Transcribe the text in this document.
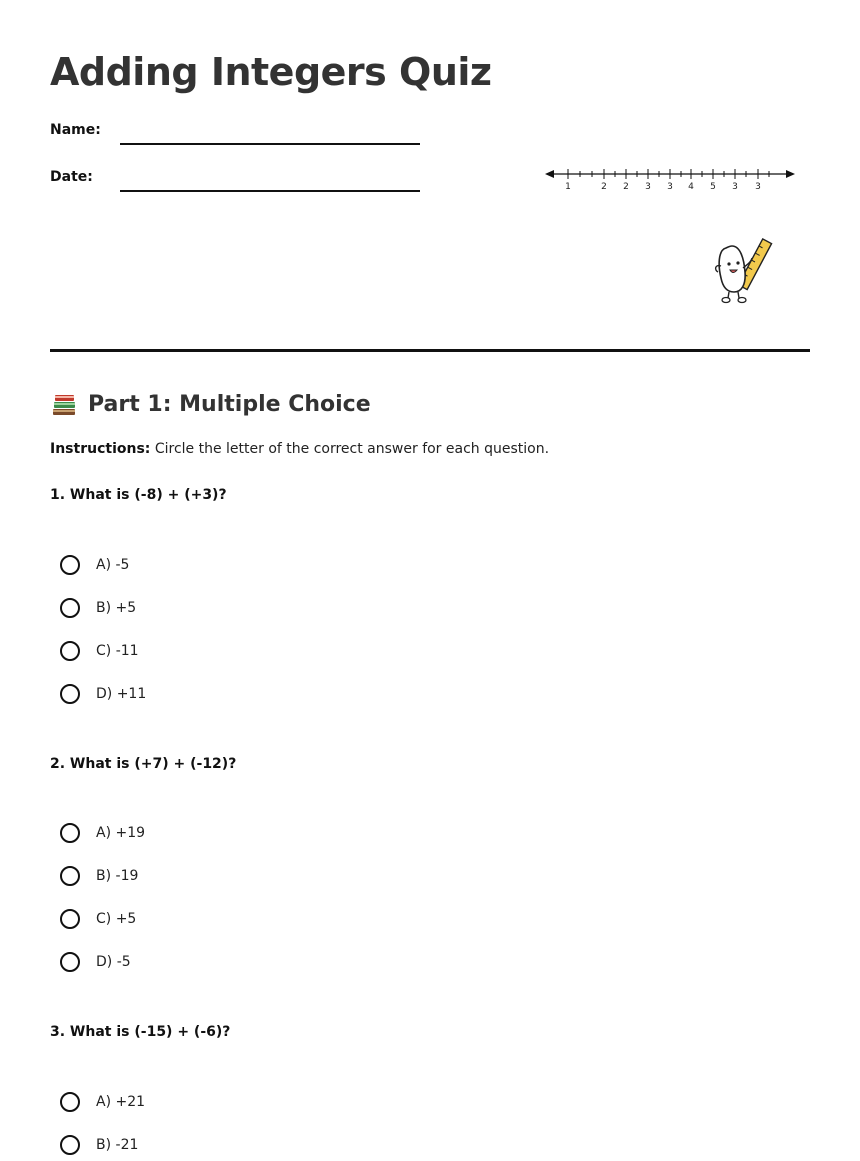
Adding Integers Quiz
Name:
Date:
1	2 2 3 3 4 5 3 3
Part 1: Multiple Choice
Instructions: Circle the letter of the correct answer for each question.
1. What is (-8) + (+3)?
A) -5
B) +5
C) -11
D) +11
2. What is (+7) + (-12)?
A) +19
B) -19
C) +5
D) -5
3. What is (-15) + (-6)?
A) +21
B) -21
